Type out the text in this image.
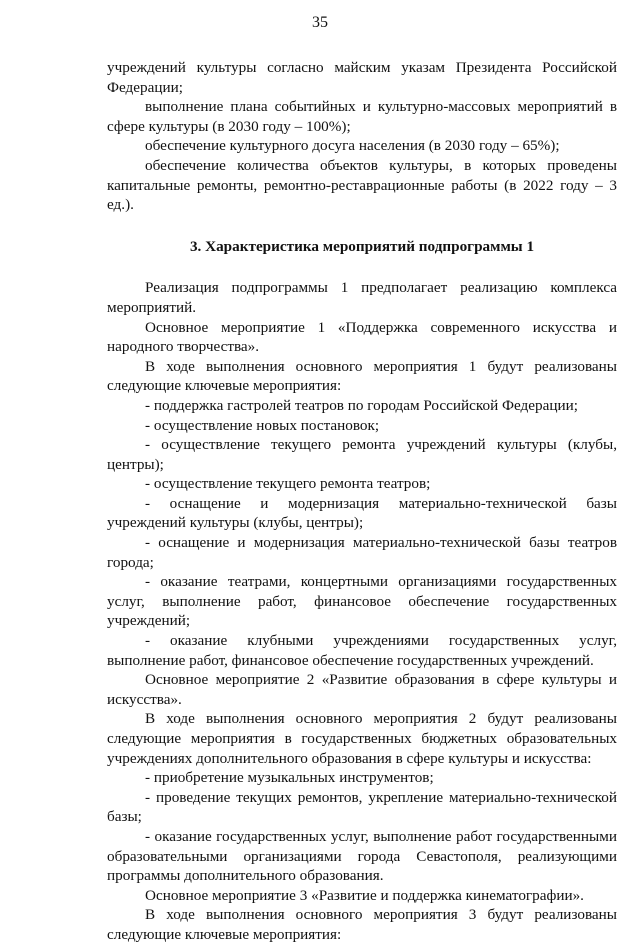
35

учреждений культуры согласно майским указам Президента Российской Федерации;

выполнение плана событийных и культурно-массовых мероприятий в сфере культуры (в 2030 году – 100%);

обеспечение культурного досуга населения (в 2030 году – 65%);

обеспечение количества объектов культуры, в которых проведены капитальные ремонты, ремонтно-реставрационные работы (в 2022 году – 3 ед.).

3. Характеристика мероприятий подпрограммы 1

Реализация подпрограммы 1 предполагает реализацию комплекса мероприятий.

Основное мероприятие 1 «Поддержка современного искусства и народного творчества».

В ходе выполнения основного мероприятия 1 будут реализованы следующие ключевые мероприятия:

- поддержка гастролей театров по городам Российской Федерации;

- осуществление новых постановок;

- осуществление текущего ремонта учреждений культуры (клубы, центры);

- осуществление текущего ремонта театров;

- оснащение и модернизация материально-технической базы учреждений культуры (клубы, центры);

- оснащение и модернизация материально-технической базы театров города;

- оказание театрами, концертными организациями государственных услуг, выполнение работ, финансовое обеспечение государственных учреждений;

- оказание клубными учреждениями государственных услуг, выполнение работ, финансовое обеспечение государственных учреждений.

Основное мероприятие 2 «Развитие образования в сфере культуры и искусства».

В ходе выполнения основного мероприятия 2 будут реализованы следующие мероприятия в государственных бюджетных образовательных учреждениях дополнительного образования в сфере культуры и искусства:

- приобретение музыкальных инструментов;

- проведение текущих ремонтов, укрепление материально-технической базы;

- оказание государственных услуг, выполнение работ государственными образовательными организациями города Севастополя, реализующими программы дополнительного образования.

Основное мероприятие 3 «Развитие и поддержка кинематографии».

В ходе выполнения основного мероприятия 3 будут реализованы следующие ключевые мероприятия:
